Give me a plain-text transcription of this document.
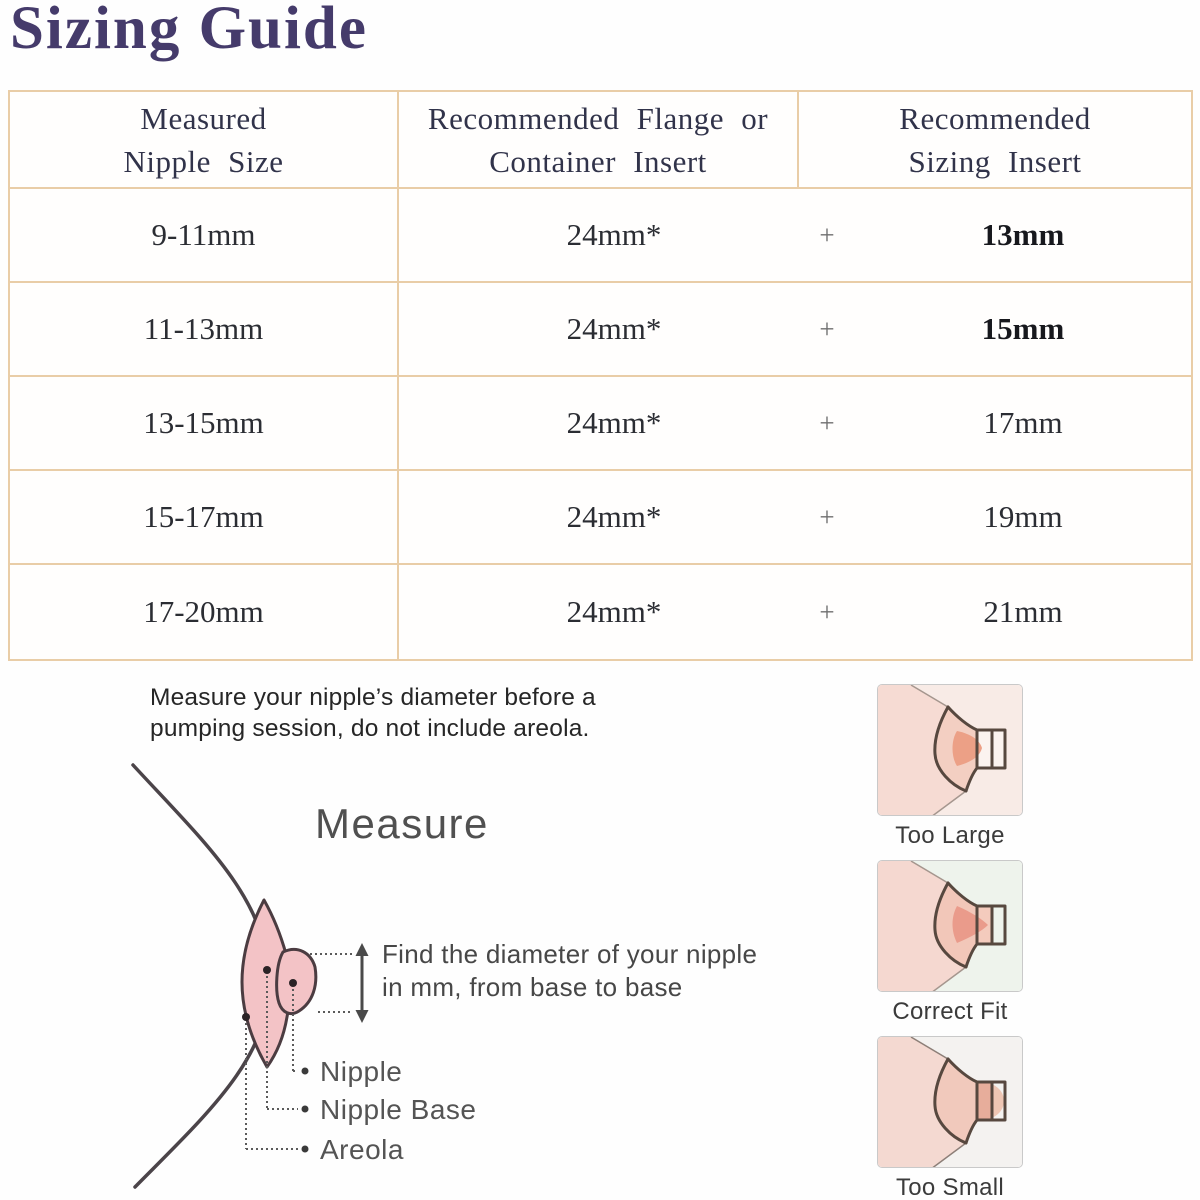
Sizing Guide
Measured
Nipple Size
Recommended Flange or
Container Insert
Recommended
Sizing Insert
9-11mm	24mm*	+	13mm
11-13mm	24mm*	+	15mm
13-15mm	24mm*	+	17mm
15-17mm	24mm*	+	19mm
17-20mm	24mm*	+	21mm
Measure your nipple’s diameter before a
pumping session, do not include areola.
Measure
Find the diameter of your nipple
in mm, from base to base
Nipple
Nipple Base
Areola
Too Large
Correct Fit
Too Small
